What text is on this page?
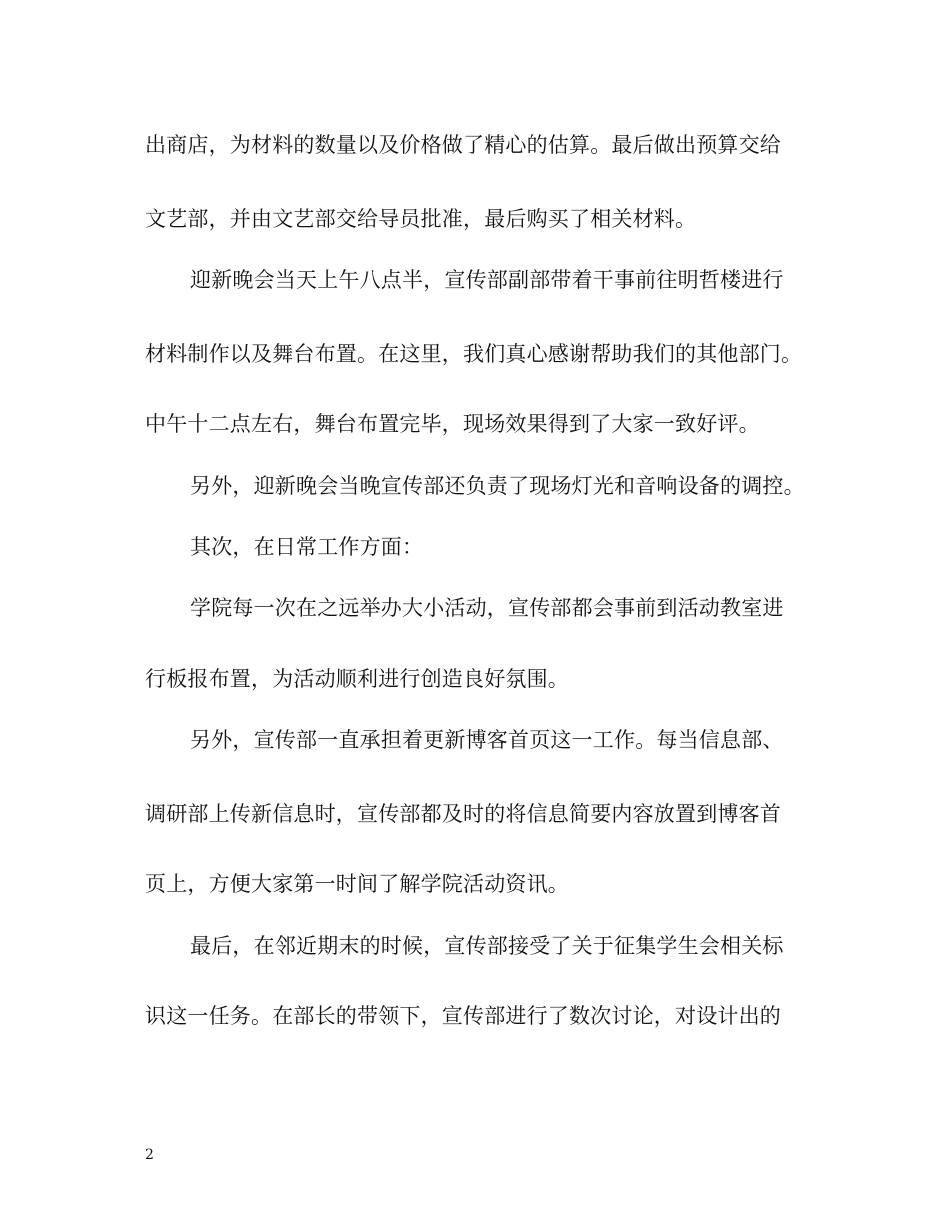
出商店，为材料的数量以及价格做了精心的估算。最后做出预算交给
文艺部，并由文艺部交给导员批准，最后购买了相关材料。
迎新晚会当天上午八点半，宣传部副部带着干事前往明哲楼进行
材料制作以及舞台布置。在这里，我们真心感谢帮助我们的其他部门。
中午十二点左右，舞台布置完毕，现场效果得到了大家一致好评。
另外，迎新晚会当晚宣传部还负责了现场灯光和音响设备的调控。
其次，在日常工作方面：
学院每一次在之远举办大小活动，宣传部都会事前到活动教室进
行板报布置，为活动顺利进行创造良好氛围。
另外，宣传部一直承担着更新博客首页这一工作。每当信息部、
调研部上传新信息时，宣传部都及时的将信息简要内容放置到博客首
页上，方便大家第一时间了解学院活动资讯。
最后，在邻近期末的时候，宣传部接受了关于征集学生会相关标
识这一任务。在部长的带领下，宣传部进行了数次讨论，对设计出的
2
